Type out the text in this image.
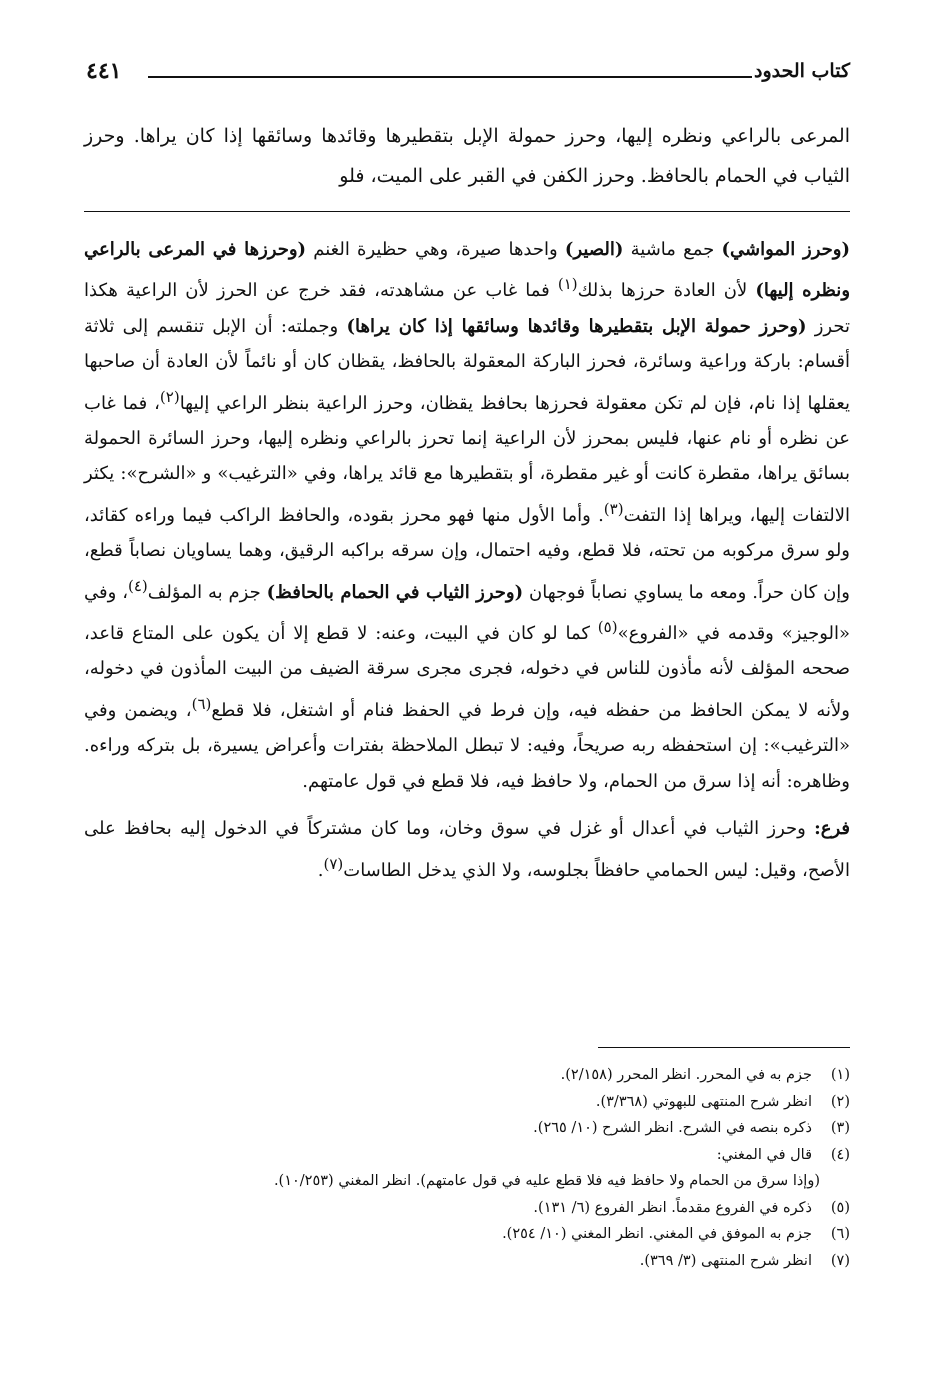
كتاب الحدود
٤٤١
المرعى بالراعي ونظره إليها، وحرز حمولة الإبل بتقطيرها وقائدها وسائقها إذا كان يراها. وحرز الثياب في الحمام بالحافظ. وحرز الكفن في القبر على الميت، فلو

(وحرز المواشي) جمع ماشية (الصير) واحدها صيرة، وهي حظيرة الغنم (وحرزها في المرعى بالراعي ونظره إليها) لأن العادة حرزها بذلك$^{(١)}$ فما غاب عن مشاهدته، فقد خرج عن الحرز لأن الراعية هكذا تحرز (وحرز حمولة الإبل بتقطيرها وقائدها وسائقها إذا كان يراها) وجملته: أن الإبل تنقسم إلى ثلاثة أقسام: باركة وراعية وسائرة، فحرز الباركة المعقولة بالحافظ، يقظان كان أو نائماً لأن العادة أن صاحبها يعقلها إذا نام، فإن لم تكن معقولة فحرزها بحافظ يقظان، وحرز الراعية بنظر الراعي إليها$^{(٢)}$، فما غاب عن نظره أو نام عنها، فليس بمحرز لأن الراعية إنما تحرز بالراعي ونظره إليها، وحرز السائرة الحمولة بسائق يراها، مقطرة كانت أو غير مقطرة، أو بتقطيرها مع قائد يراها، وفي «الترغيب» و «الشرح»: يكثر الالتفات إليها، ويراها إذا التفت$^{(٣)}$. وأما الأول منها فهو محرز بقوده، والحافظ الراكب فيما وراءه كقائد، ولو سرق مركوبه من تحته، فلا قطع، وفيه احتمال، وإن سرقه براكبه الرقيق، وهما يساويان نصاباً قطع، وإن كان حراً. ومعه ما يساوي نصاباً فوجهان (وحرز الثياب في الحمام بالحافظ) جزم به المؤلف$^{(٤)}$، وفي «الوجيز» وقدمه في «الفروع»$^{(٥)}$ كما لو كان في البيت، وعنه: لا قطع إلا أن يكون على المتاع قاعد، صححه المؤلف لأنه مأذون للناس في دخوله، فجرى مجرى سرقة الضيف من البيت المأذون في دخوله، ولأنه لا يمكن الحافظ من حفظه فيه، وإن فرط في الحفظ فنام أو اشتغل، فلا قطع$^{(٦)}$، ويضمن وفي «الترغيب»: إن استحفظه ربه صريحاً، وفيه: لا تبطل الملاحظة بفترات وأعراض يسيرة، بل بتركه وراءه. وظاهره: أنه إذا سرق من الحمام، ولا حافظ فيه، فلا قطع في قول عامتهم.

فرع: وحرز الثياب في أعدال أو غزل في سوق وخان، وما كان مشتركاً في الدخول إليه بحافظ على الأصح، وقيل: ليس الحمامي حافظاً بجلوسه، ولا الذي يدخل الطاسات$^{(٧)}$.

(١)جزم به في المحرر. انظر المحرر (٢/١٥٨).
(٢)انظر شرح المنتهى للبهوتي (٣/٣٦٨).
(٣)ذكره بنصه في الشرح. انظر الشرح (١٠/ ٢٦٥).
(٤)قال في المغني:
(وإذا سرق من الحمام ولا حافظ فيه فلا قطع عليه في قول عامتهم). انظر المغني (١٠/٢٥٣).
(٥)ذكره في الفروع مقدماً. انظر الفروع (٦/ ١٣١).
(٦)جزم به الموفق في المغني. انظر المغني (١٠/ ٢٥٤).
(٧)انظر شرح المنتهى (٣/ ٣٦٩).
